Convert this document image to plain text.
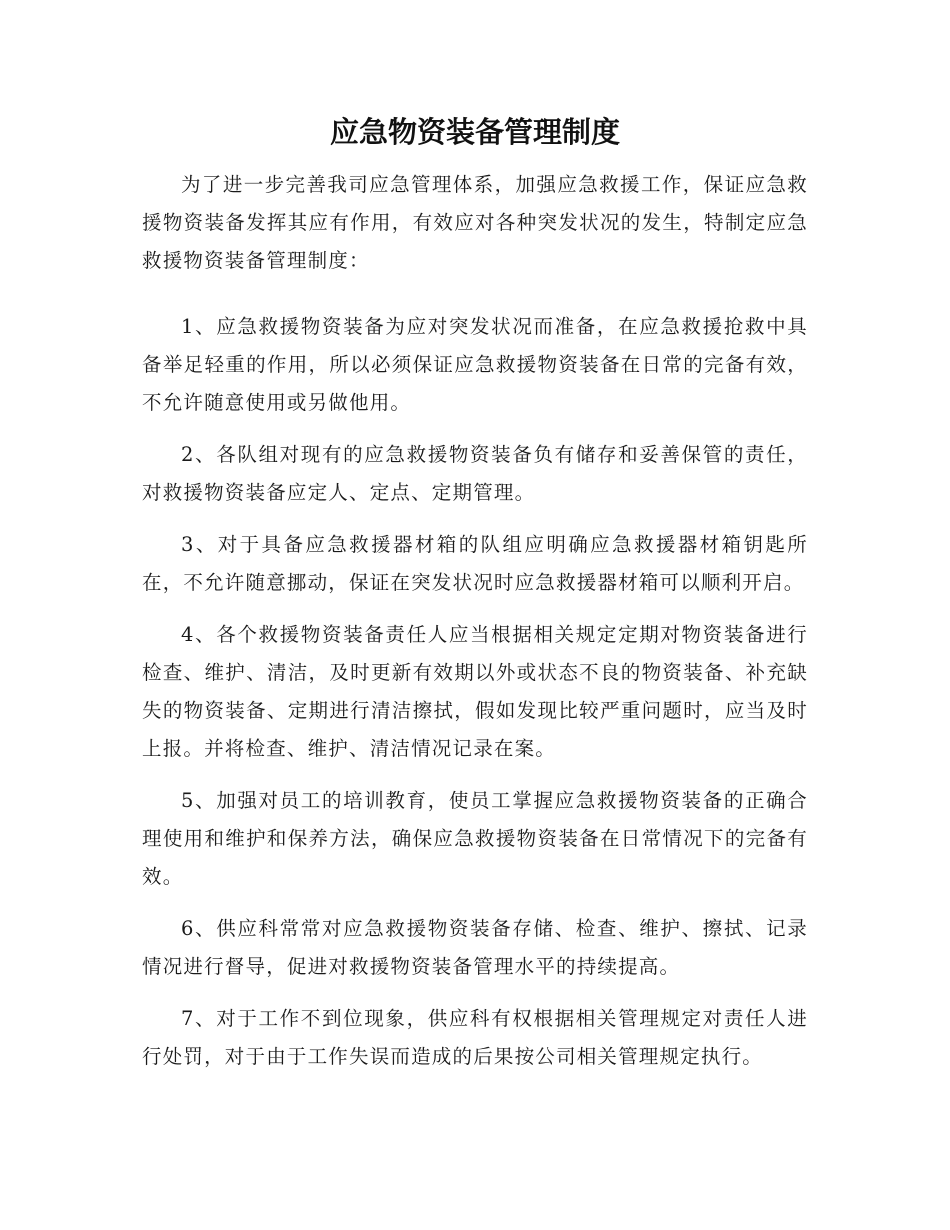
应急物资装备管理制度

为了进一步完善我司应急管理体系，加强应急救援工作，保证应急救援物资装备发挥其应有作用，有效应对各种突发状况的发生，特制定应急救援物资装备管理制度：

1、应急救援物资装备为应对突发状况而准备，在应急救援抢救中具备举足轻重的作用，所以必须保证应急救援物资装备在日常的完备有效，不允许随意使用或另做他用。

2、各队组对现有的应急救援物资装备负有储存和妥善保管的责任，对救援物资装备应定人、定点、定期管理。

3、对于具备应急救援器材箱的队组应明确应急救援器材箱钥匙所在，不允许随意挪动，保证在突发状况时应急救援器材箱可以顺利开启。

4、各个救援物资装备责任人应当根据相关规定定期对物资装备进行检查、维护、清洁，及时更新有效期以外或状态不良的物资装备、补充缺失的物资装备、定期进行清洁擦拭，假如发现比较严重问题时，应当及时上报。并将检查、维护、清洁情况记录在案。

5、加强对员工的培训教育，使员工掌握应急救援物资装备的正确合理使用和维护和保养方法，确保应急救援物资装备在日常情况下的完备有效。

6、供应科常常对应急救援物资装备存储、检查、维护、擦拭、记录情况进行督导，促进对救援物资装备管理水平的持续提高。

7、对于工作不到位现象，供应科有权根据相关管理规定对责任人进行处罚，对于由于工作失误而造成的后果按公司相关管理规定执行。
